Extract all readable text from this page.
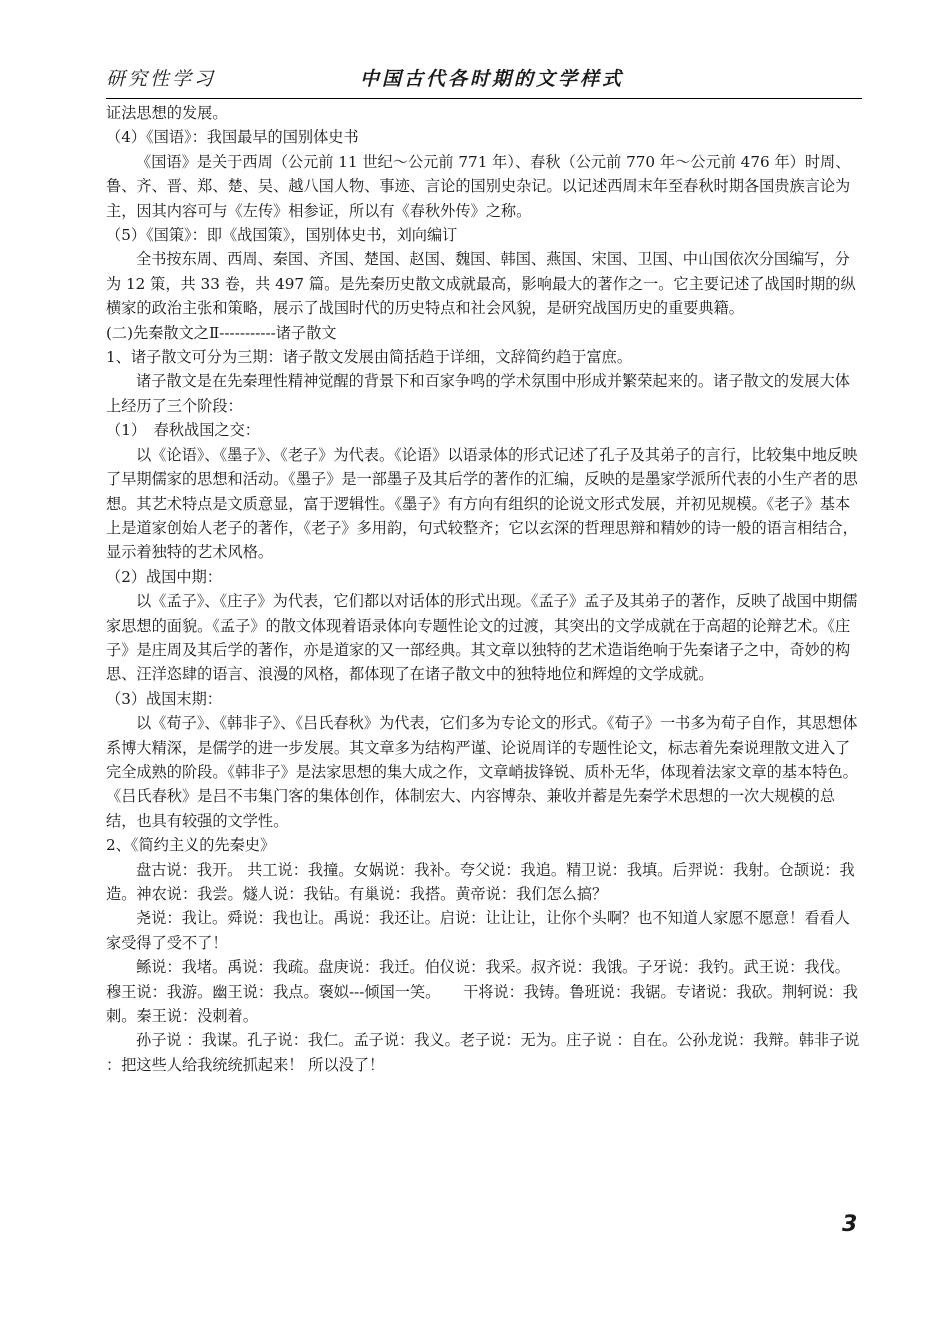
研究性学习	中国古代各时期的文学样式

证法思想的发展。

（4）《国语》：我国最早的国别体史书

《国语》是关于西周（公元前 11 世纪～公元前 771 年）、春秋（公元前 770 年～公元前 476 年）时周、鲁、齐、晋、郑、楚、吴、越八国人物、事迹、言论的国别史杂记。以记述西周末年至春秋时期各国贵族言论为主，因其内容可与《左传》相参证，所以有《春秋外传》之称。

（5）《国策》：即《战国策》，国别体史书，刘向编订

全书按东周、西周、秦国、齐国、楚国、赵国、魏国、韩国、燕国、宋国、卫国、中山国依次分国编写，分为 12 策，共 33 卷，共 497 篇。是先秦历史散文成就最高，影响最大的著作之一。它主要记述了战国时期的纵横家的政治主张和策略，展示了战国时代的历史特点和社会风貌，是研究战国历史的重要典籍。

(二)先秦散文之Ⅱ-----------诸子散文

1、诸子散文可分为三期：诸子散文发展由简括趋于详细，文辞简约趋于富庶。

诸子散文是在先秦理性精神觉醒的背景下和百家争鸣的学术氛围中形成并繁荣起来的。诸子散文的发展大体上经历了三个阶段：

（1）　春秋战国之交：

以《论语》、《墨子》、《老子》为代表。《论语》以语录体的形式记述了孔子及其弟子的言行，比较集中地反映了早期儒家的思想和活动。《墨子》是一部墨子及其后学的著作的汇编，反映的是墨家学派所代表的小生产者的思想。其艺术特点是文质意显，富于逻辑性。《墨子》有方向有组织的论说文形式发展，并初见规模。《老子》基本上是道家创始人老子的著作，《老子》多用韵，句式较整齐；它以玄深的哲理思辩和精妙的诗一般的语言相结合，显示着独特的艺术风格。

（2）战国中期：

以《孟子》、《庄子》为代表，它们都以对话体的形式出现。《孟子》孟子及其弟子的著作，反映了战国中期儒家思想的面貌。《孟子》的散文体现着语录体向专题性论文的过渡，其突出的文学成就在于高超的论辩艺术。《庄子》是庄周及其后学的著作，亦是道家的又一部经典。其文章以独特的艺术造诣绝响于先秦诸子之中，奇妙的构思、汪洋恣肆的语言、浪漫的风格，都体现了在诸子散文中的独特地位和辉煌的文学成就。

（3）战国末期：

以《荀子》、《韩非子》、《吕氏春秋》为代表，它们多为专论文的形式。《荀子》一书多为荀子自作，其思想体系博大精深，是儒学的进一步发展。其文章多为结构严谨、论说周详的专题性论文，标志着先秦说理散文进入了完全成熟的阶段。《韩非子》是法家思想的集大成之作，文章峭拔锋锐、质朴无华，体现着法家文章的基本特色。《吕氏春秋》是吕不韦集门客的集体创作，体制宏大、内容博杂、兼收并蓄是先秦学术思想的一次大规模的总结，也具有较强的文学性。

2、《简约主义的先秦史》

盘古说：我开。 共工说：我撞。女娲说：我补。夸父说：我追。精卫说：我填。后羿说：我射。仓颉说：我造。神农说：我尝。燧人说：我钻。有巢说：我搭。黄帝说：我们怎么搞？

尧说：我让。舜说：我也让。禹说：我还让。启说：让让让，让你个头啊？也不知道人家愿不愿意！看看人家受得了受不了！

鲧说：我堵。禹说：我疏。盘庚说：我迁。伯仪说：我采。叔齐说：我饿。子牙说：我钓。武王说：我伐。穆王说：我游。幽王说：我点。褒姒---倾国一笑。　　干将说：我铸。鲁班说：我锯。专诸说：我砍。荆轲说：我刺。秦王说：没刺着。

孙子说 ：我谋。孔子说：我仁。孟子说：我义。老子说：无为。庄子说 ：自在。公孙龙说：我辩。韩非子说 ：把这些人给我统统抓起来！ 所以没了！

3
